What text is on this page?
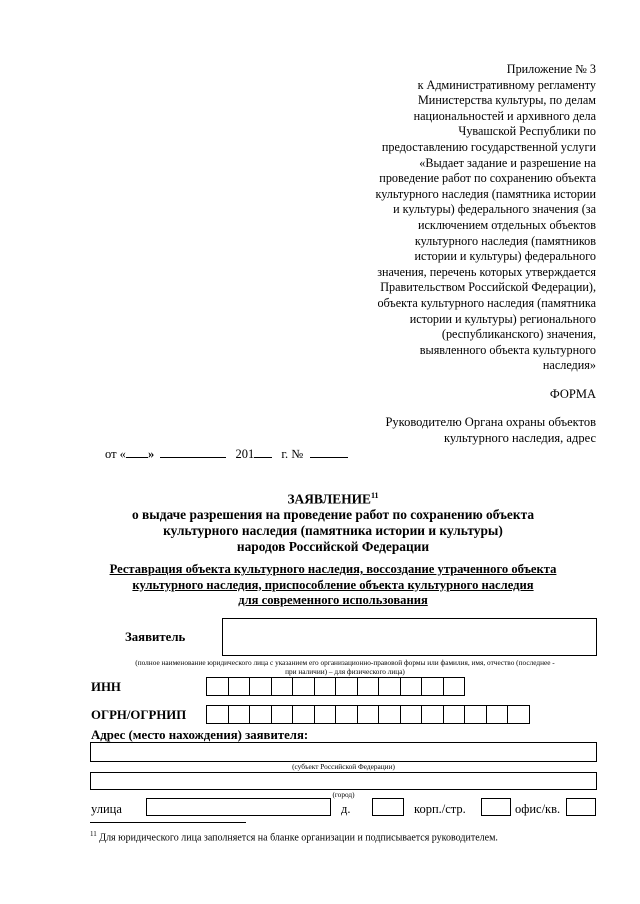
Приложение № 3
к Административному регламенту
Министерства культуры, по делам
национальностей и архивного дела
Чувашской Республики по
предоставлению государственной услуги
«Выдает задание и разрешение на
проведение работ по сохранению объекта
культурного наследия (памятника истории
и культуры) федерального значения (за
исключением отдельных объектов
культурного наследия (памятников
истории и культуры) федерального
значения, перечень которых утверждается
Правительством Российской Федерации),
объекта культурного наследия (памятника
истории и культуры) регионального
(республиканского) значения,
выявленного объекта культурного
наследия»
ФОРМА
Руководителю Органа охраны объектов
культурного наследия, адрес
от « »	201 г. №
ЗАЯВЛЕНИЕ$^{11}$
о выдаче разрешения на проведение работ по сохранению объекта
культурного наследия (памятника истории и культуры)
народов Российской Федерации
Реставрация объекта культурного наследия, воссоздание утраченного объекта
культурного наследия, приспособление объекта культурного наследия
для современного использования
Заявитель
(полное наименование юридического лица с указанием его организационно-правовой формы или фамилия, имя, отчество (последнее -
при наличии) – для физического лица)
ИНН
ОГРН/ОГРНИП
Адрес (место нахождения) заявителя:
(субъект Российской Федерации)
(город)
улица	д.	корп./стр.	офис/кв.
$^{11}$ Для юридического лица заполняется на бланке организации и подписывается руководителем.
